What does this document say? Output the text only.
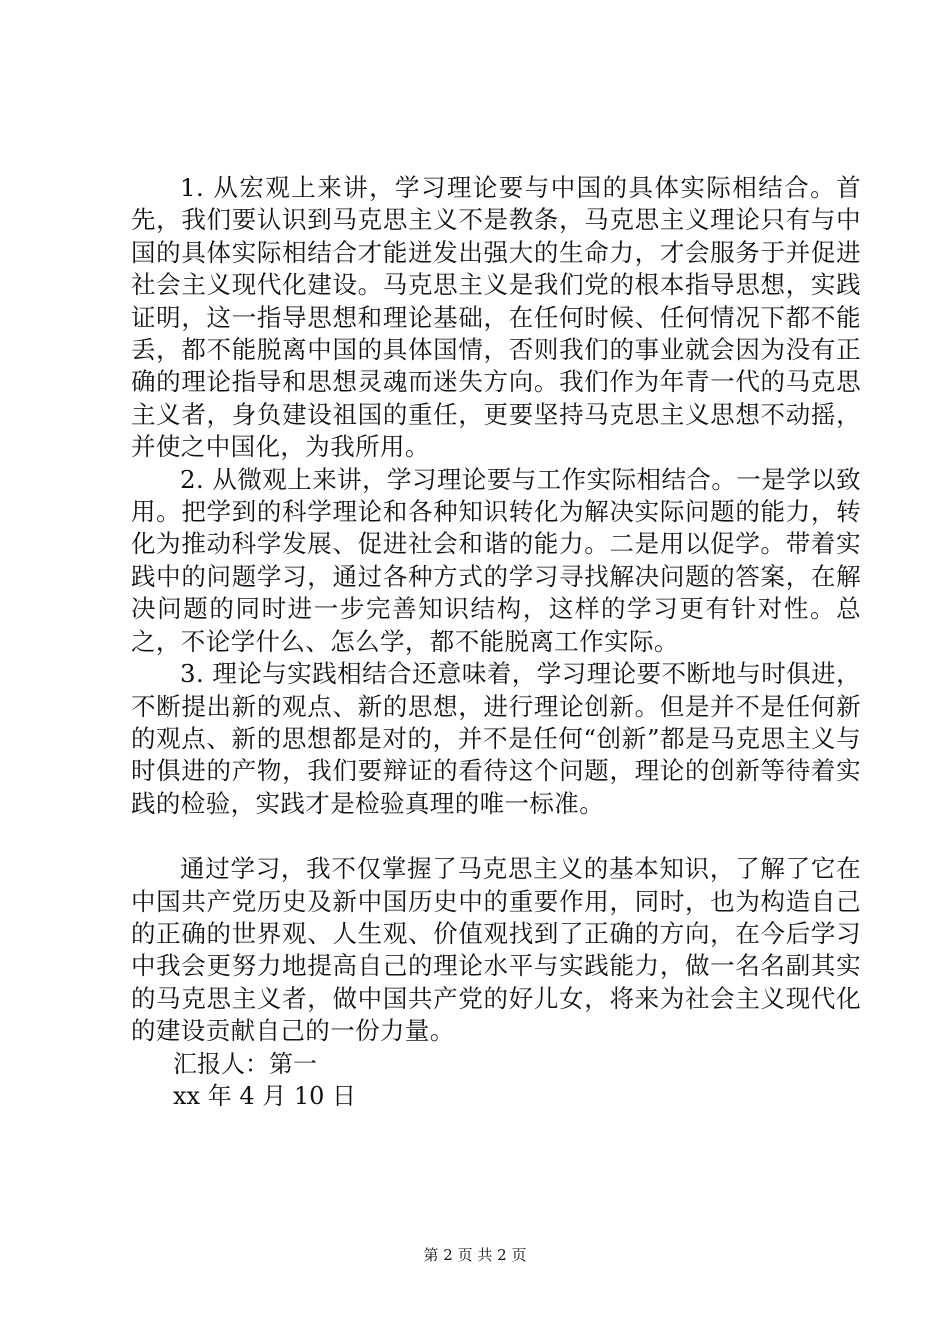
1. 从宏观上来讲，学习理论要与中国的具体实际相结合。首先，我们要认识到马克思主义不是教条，马克思主义理论只有与中国的具体实际相结合才能迸发出强大的生命力，才会服务于并促进社会主义现代化建设。马克思主义是我们党的根本指导思想，实践证明，这一指导思想和理论基础，在任何时候、任何情况下都不能丢，都不能脱离中国的具体国情，否则我们的事业就会因为没有正确的理论指导和思想灵魂而迷失方向。我们作为年青一代的马克思主义者，身负建设祖国的重任，更要坚持马克思主义思想不动摇，并使之中国化，为我所用。

2. 从微观上来讲，学习理论要与工作实际相结合。一是学以致用。把学到的科学理论和各种知识转化为解决实际问题的能力，转化为推动科学发展、促进社会和谐的能力。二是用以促学。带着实践中的问题学习，通过各种方式的学习寻找解决问题的答案，在解决问题的同时进一步完善知识结构，这样的学习更有针对性。总之，不论学什么、怎么学，都不能脱离工作实际。

3. 理论与实践相结合还意味着，学习理论要不断地与时俱进，不断提出新的观点、新的思想，进行理论创新。但是并不是任何新的观点、新的思想都是对的，并不是任何“创新”都是马克思主义与时俱进的产物，我们要辩证的看待这个问题，理论的创新等待着实践的检验，实践才是检验真理的唯一标准。

通过学习，我不仅掌握了马克思主义的基本知识，了解了它在中国共产党历史及新中国历史中的重要作用，同时，也为构造自己的正确的世界观、人生观、价值观找到了正确的方向，在今后学习中我会更努力地提高自己的理论水平与实践能力，做一名名副其实的马克思主义者，做中国共产党的好儿女，将来为社会主义现代化的建设贡献自己的一份力量。

汇报人：第一

xx 年 4 月 10 日

第 2 页 共 2 页
